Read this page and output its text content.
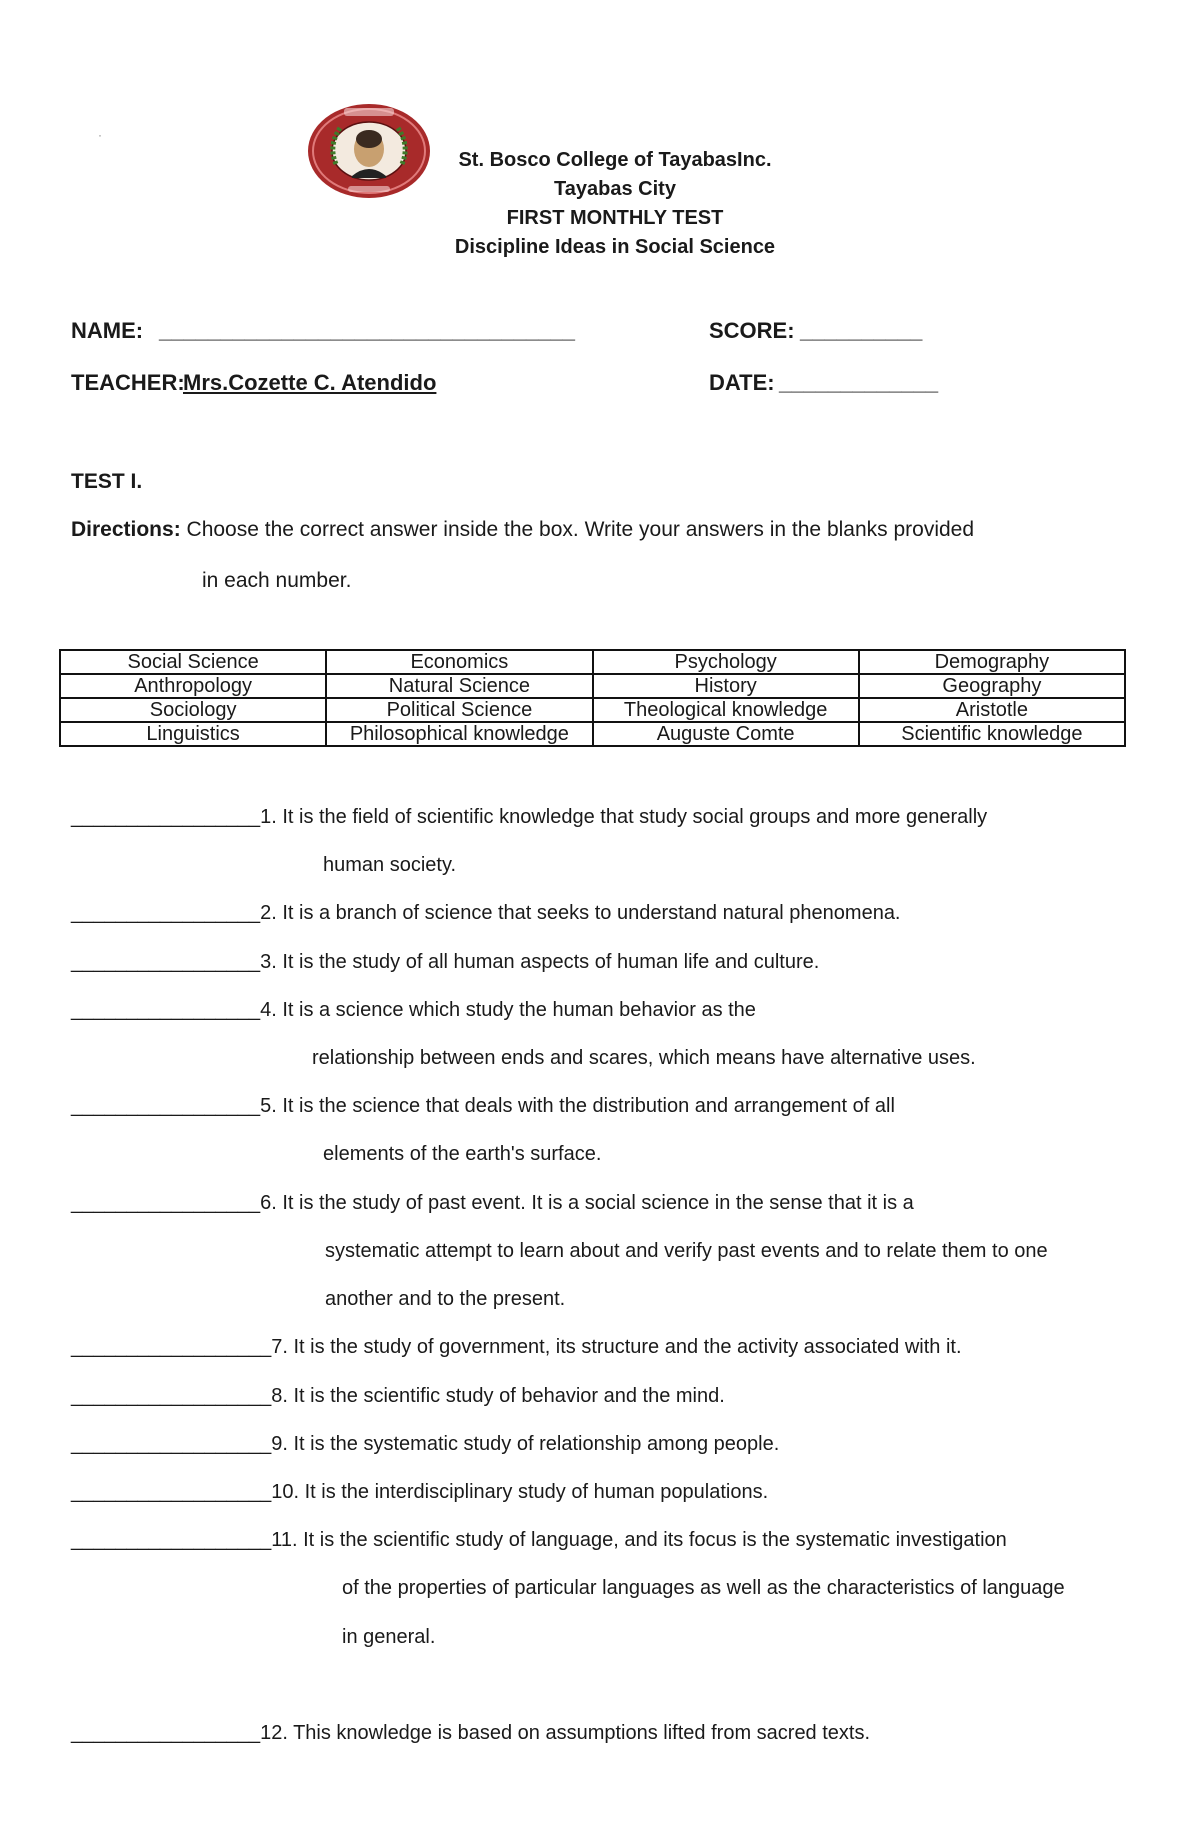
·
St. Bosco College of TayabasInc.
Tayabas City
FIRST MONTHLY TEST
Discipline Ideas in Social Science
NAME: __________________________________	SCORE: __________
TEACHER:
Mrs.Cozette C. Atendido	DATE: _____________
TEST I.
Directions: Choose the correct answer inside the box. Write your answers in the blanks provided
in each number.
Social Science	Economics	Psychology	Demography
Anthropology	Natural Science	History	Geography
Sociology	Political Science	Theological knowledge	Aristotle
Linguistics	Philosophical knowledge	Auguste Comte	Scientific knowledge
_________________1. It is the field of scientific knowledge that study social groups and more generally
human society.
_________________2. It is a branch of science that seeks to understand natural phenomena.
_________________3. It is the study of all human aspects of human life and culture.
_________________4. It is a science which study the human behavior as the
relationship between ends and scares, which means have alternative uses.
_________________5. It is the science that deals with the distribution and arrangement of all
elements of the earth's surface.
_________________6. It is the study of past event. It is a social science in the sense that it is a
systematic attempt to learn about and verify past events and to relate them to one
another and to the present.
__________________7. It is the study of government, its structure and the activity associated with it.
__________________8. It is the scientific study of behavior and the mind.
__________________9. It is the systematic study of relationship among people.
__________________10. It is the interdisciplinary study of human populations.
__________________11. It is the scientific study of language, and its focus is the systematic investigation
of the properties of particular languages as well as the characteristics of language
in general.
_________________12. This knowledge is based on assumptions lifted from sacred texts.
